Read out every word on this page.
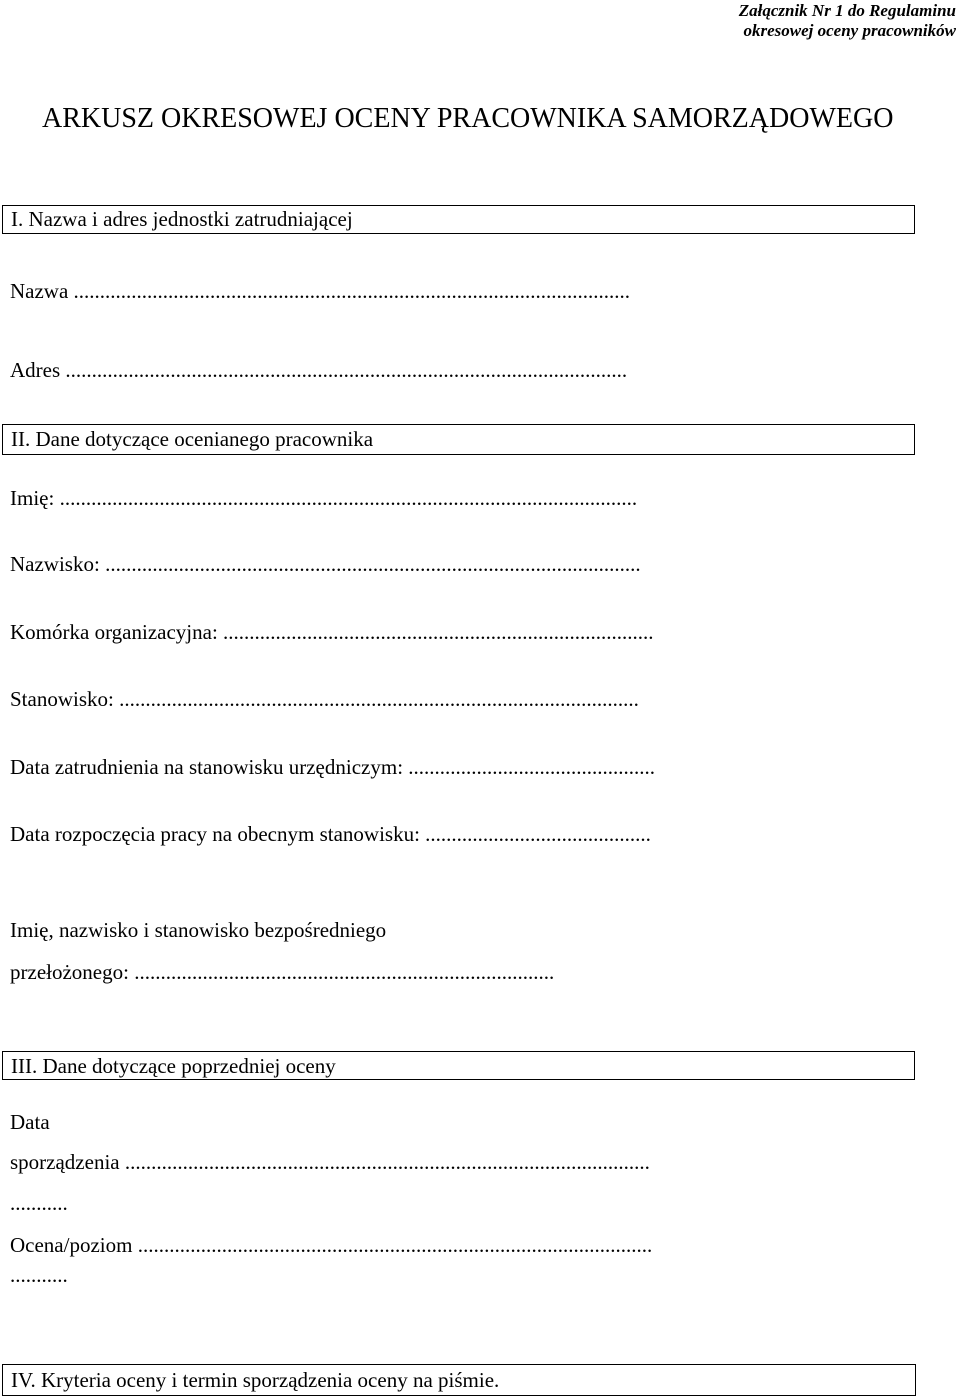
Załącznik Nr 1 do Regulaminu
okresowej oceny pracowników
ARKUSZ OKRESOWEJ OCENY PRACOWNIKA SAMORZĄDOWEGO
I. Nazwa i adres jednostki zatrudniającej
Nazwa ..........................................................................................................
Adres ...........................................................................................................
II. Dane dotyczące ocenianego pracownika
Imię: ..............................................................................................................
Nazwisko: ......................................................................................................
Komórka organizacyjna: ..................................................................................
Stanowisko: ...................................................................................................
Data zatrudnienia na stanowisku urzędniczym: ...............................................
Data rozpoczęcia pracy na obecnym stanowisku: ...........................................
Imię, nazwisko i stanowisko bezpośredniego
przełożonego: ................................................................................
III. Dane dotyczące poprzedniej oceny
Data
sporządzenia ....................................................................................................
...........
Ocena/poziom ..................................................................................................
...........
IV. Kryteria oceny i termin sporządzenia oceny na piśmie.
